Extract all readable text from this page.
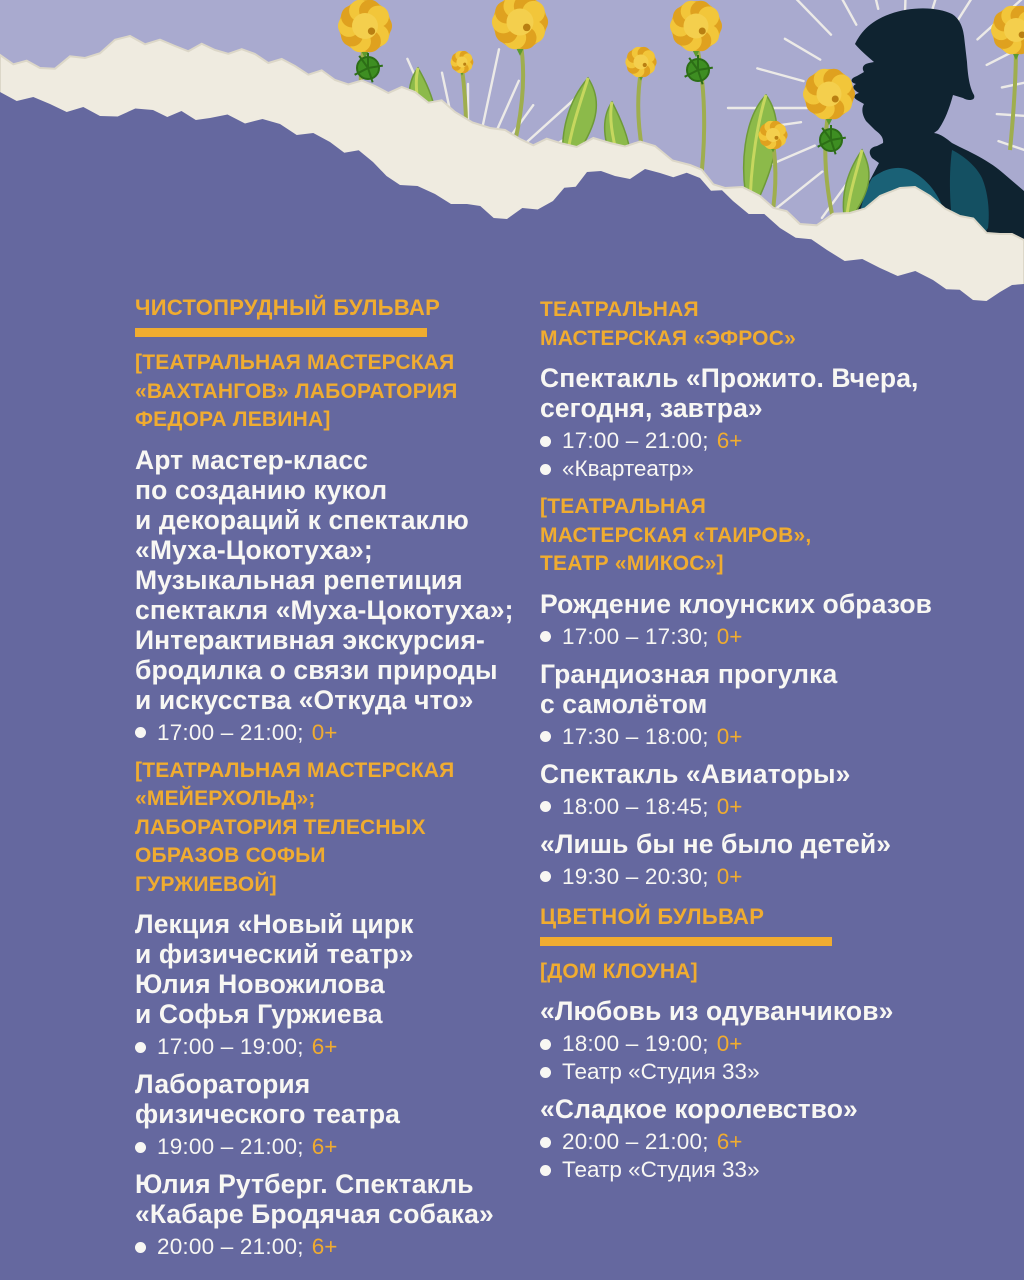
ЧИСТОПРУДНЫЙ БУЛЬВАР
[ТЕАТРАЛЬНАЯ МАСТЕРСКАЯ
«ВАХТАНГОВ» ЛАБОРАТОРИЯ
ФЕДОРА ЛЕВИНА]
Арт мастер-класс
по созданию кукол
и декораций к спектаклю
«Муха-Цокотуха»;
Музыкальная репетиция
спектакля «Муха-Цокотуха»;
Интерактивная экскурсия-
бродилка о связи природы
и искусства «Откуда что»
17:00 – 21:00; 0+
[ТЕАТРАЛЬНАЯ МАСТЕРСКАЯ
«МЕЙЕРХОЛЬД»;
ЛАБОРАТОРИЯ ТЕЛЕСНЫХ
ОБРАЗОВ СОФЬИ
ГУРЖИЕВОЙ]
Лекция «Новый цирк
и физический театр»
Юлия Новожилова
и Софья Гуржиева
17:00 – 19:00; 6+
Лаборатория
физического театра
19:00 – 21:00; 6+
Юлия Рутберг. Спектакль
«Кабаре Бродячая собака»
20:00 – 21:00; 6+
ТЕАТРАЛЬНАЯ
МАСТЕРСКАЯ «ЭФРОС»
Спектакль «Прожито. Вчера,
сегодня, завтра»
17:00 – 21:00; 6+
«Квартеатр»
[ТЕАТРАЛЬНАЯ
МАСТЕРСКАЯ «ТАИРОВ»,
ТЕАТР «МИКОС»]
Рождение клоунских образов
17:00 – 17:30; 0+
Грандиозная прогулка
с самолётом
17:30 – 18:00; 0+
Спектакль «Авиаторы»
18:00 – 18:45; 0+
«Лишь бы не было детей»
19:30 – 20:30; 0+
ЦВЕТНОЙ БУЛЬВАР
[ДОМ КЛОУНА]
«Любовь из одуванчиков»
18:00 – 19:00; 0+
Театр «Студия 33»
«Сладкое королевство»
20:00 – 21:00; 6+
Театр «Студия 33»
